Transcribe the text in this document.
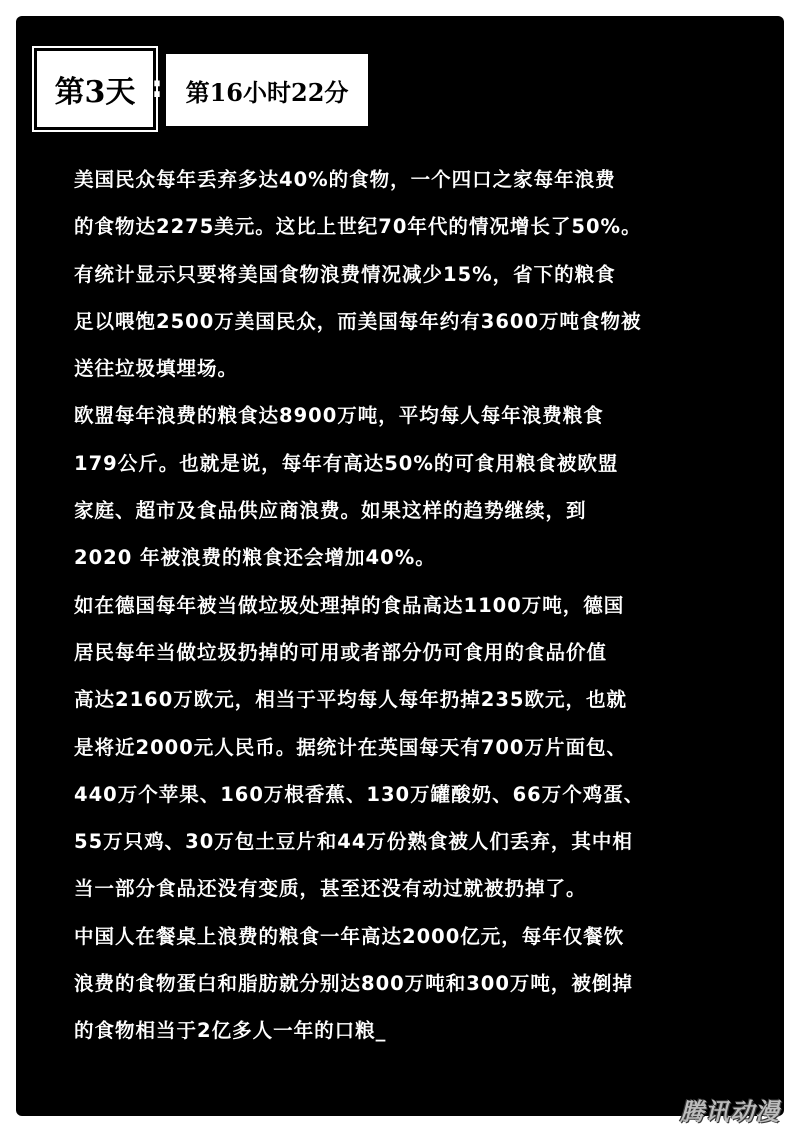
第3天 : 第16小时22分
美国民众每年丢弃多达40%的食物，一个四口之家每年浪费
的食物达2275美元。这比上世纪70年代的情况增长了50%。
有统计显示只要将美国食物浪费情况减少15%，省下的粮食
足以喂饱2500万美国民众，而美国每年约有3600万吨食物被
送往垃圾填埋场。
欧盟每年浪费的粮食达8900万吨，平均每人每年浪费粮食
179公斤。也就是说，每年有高达50%的可食用粮食被欧盟
家庭、超市及食品供应商浪费。如果这样的趋势继续，到
2020 年被浪费的粮食还会增加40%。
如在德国每年被当做垃圾处理掉的食品高达1100万吨，德国
居民每年当做垃圾扔掉的可用或者部分仍可食用的食品价值
高达2160万欧元，相当于平均每人每年扔掉235欧元，也就
是将近2000元人民币。据统计在英国每天有700万片面包、
440万个苹果、160万根香蕉、130万罐酸奶、66万个鸡蛋、
55万只鸡、30万包土豆片和44万份熟食被人们丢弃，其中相
当一部分食品还没有变质，甚至还没有动过就被扔掉了。
中国人在餐桌上浪费的粮食一年高达2000亿元，每年仅餐饮
浪费的食物蛋白和脂肪就分别达800万吨和300万吨，被倒掉
的食物相当于2亿多人一年的口粮_
腾讯动漫
